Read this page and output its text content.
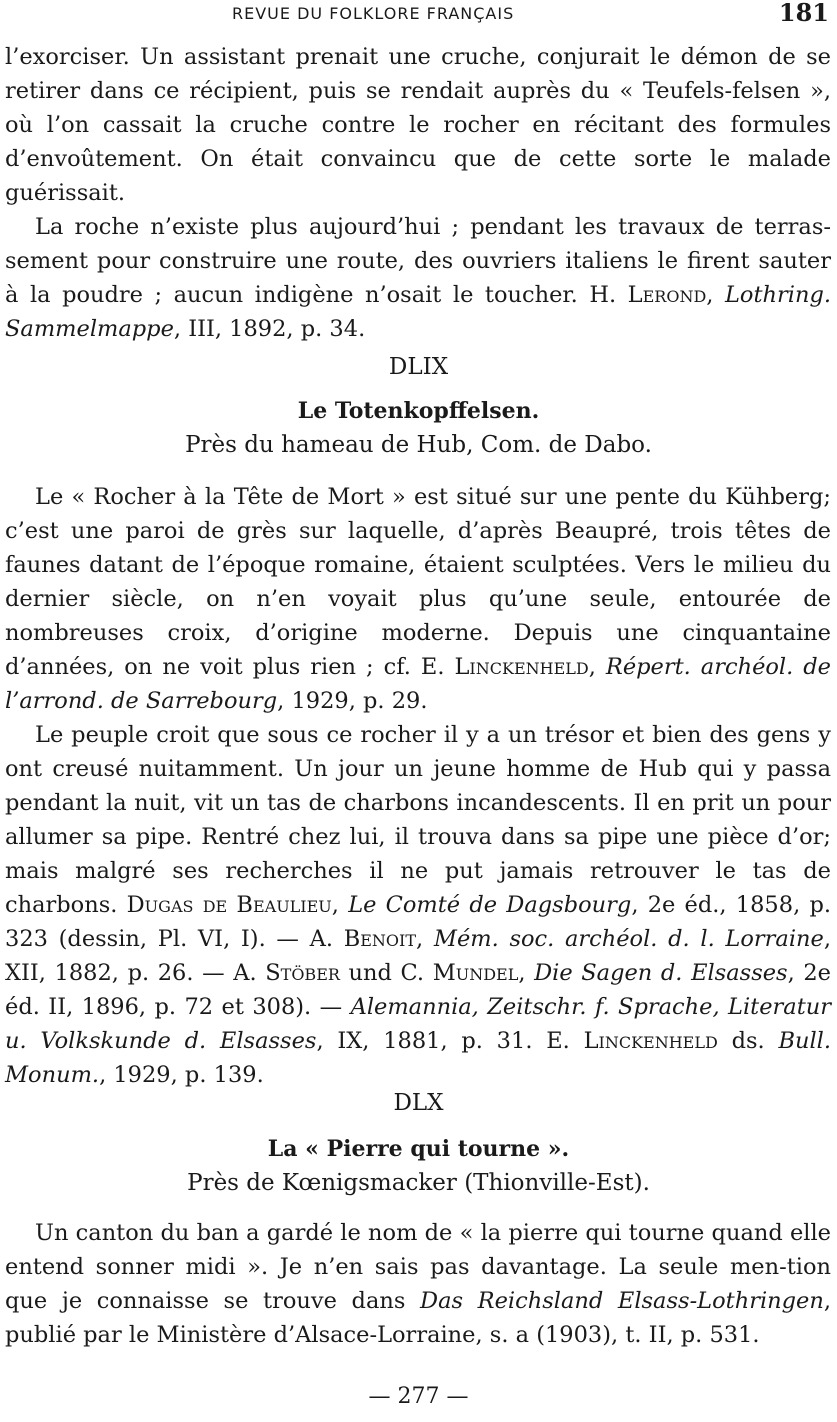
REVUE DU FOLKLORE FRANÇAIS	181

l’exorciser. Un assistant prenait une cruche, conjurait le démon de se retirer dans ce récipient, puis se rendait auprès du « Teufels-felsen », où l’on cassait la cruche contre le rocher en récitant des formules d’envoûtement. On était convaincu que de cette sorte le malade guérissait.

La roche n’existe plus aujourd’hui ; pendant les travaux de terras-sement pour construire une route, des ouvriers italiens le firent sauter à la poudre ; aucun indigène n’osait le toucher. H. Lerond, Lothring. Sammelmappe, III, 1892, p. 34.

DLIX
Le Totenkopffelsen.
Près du hameau de Hub, Com. de Dabo.

Le « Rocher à la Tête de Mort » est situé sur une pente du Kühberg; c’est une paroi de grès sur laquelle, d’après Beaupré, trois têtes de faunes datant de l’époque romaine, étaient sculptées. Vers le milieu du dernier siècle, on n’en voyait plus qu’une seule, entourée de nombreuses croix, d’origine moderne. Depuis une cinquantaine d’années, on ne voit plus rien ; cf. E. Linckenheld, Répert. archéol. de l’arrond. de Sarrebourg, 1929, p. 29.

Le peuple croit que sous ce rocher il y a un trésor et bien des gens y ont creusé nuitamment. Un jour un jeune homme de Hub qui y passa pendant la nuit, vit un tas de charbons incandescents. Il en prit un pour allumer sa pipe. Rentré chez lui, il trouva dans sa pipe une pièce d’or; mais malgré ses recherches il ne put jamais retrouver le tas de charbons. Dugas de Beaulieu, Le Comté de Dagsbourg, 2e éd., 1858, p. 323 (dessin, Pl. VI, I). — A. Benoit, Mém. soc. archéol. d. l. Lorraine, XII, 1882, p. 26. — A. Stöber und C. Mundel, Die Sagen d. Elsasses, 2e éd. II, 1896, p. 72 et 308). — Alemannia, Zeitschr. f. Sprache, Literatur u. Volkskunde d. Elsasses, IX, 1881, p. 31. E. Linckenheld ds. Bull. Monum., 1929, p. 139.

DLX
La « Pierre qui tourne ».
Près de Kœnigsmacker (Thionville-Est).

Un canton du ban a gardé le nom de « la pierre qui tourne quand elle entend sonner midi ». Je n’en sais pas davantage. La seule men-tion que je connaisse se trouve dans Das Reichsland Elsass-Lothringen, publié par le Ministère d’Alsace-Lorraine, s. a (1903), t. II, p. 531.

— 277 —
